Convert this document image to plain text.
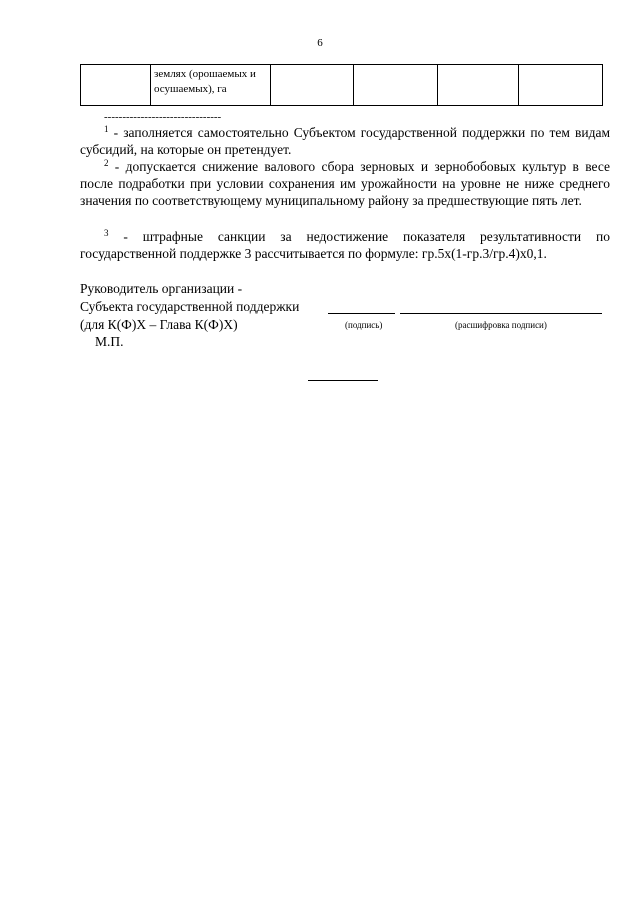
6
	землях (орошаемых и осушаемых), га				
--------------------------------
$^1$ - заполняется самостоятельно Субъектом государственной поддержки по тем видам субсидий, на которые он претендует.
$^2$ - допускается снижение валового сбора зерновых и зернобобовых культур в весе после подработки при условии сохранения им урожайности на уровне не ниже среднего значения по соответствующему муниципальному району за предшествующие пять лет.
$^3$ - штрафные санкции за недостижение показателя результативности по государственной поддержке 3 рассчитывается по формуле: гр.5x(1-гр.3/гр.4)x0,1.
Руководитель организации -
Субъекта государственной поддержки
(для К(Ф)Х – Глава К(Ф)Х)	(подпись)	(расшифровка подписи)
М.П.
